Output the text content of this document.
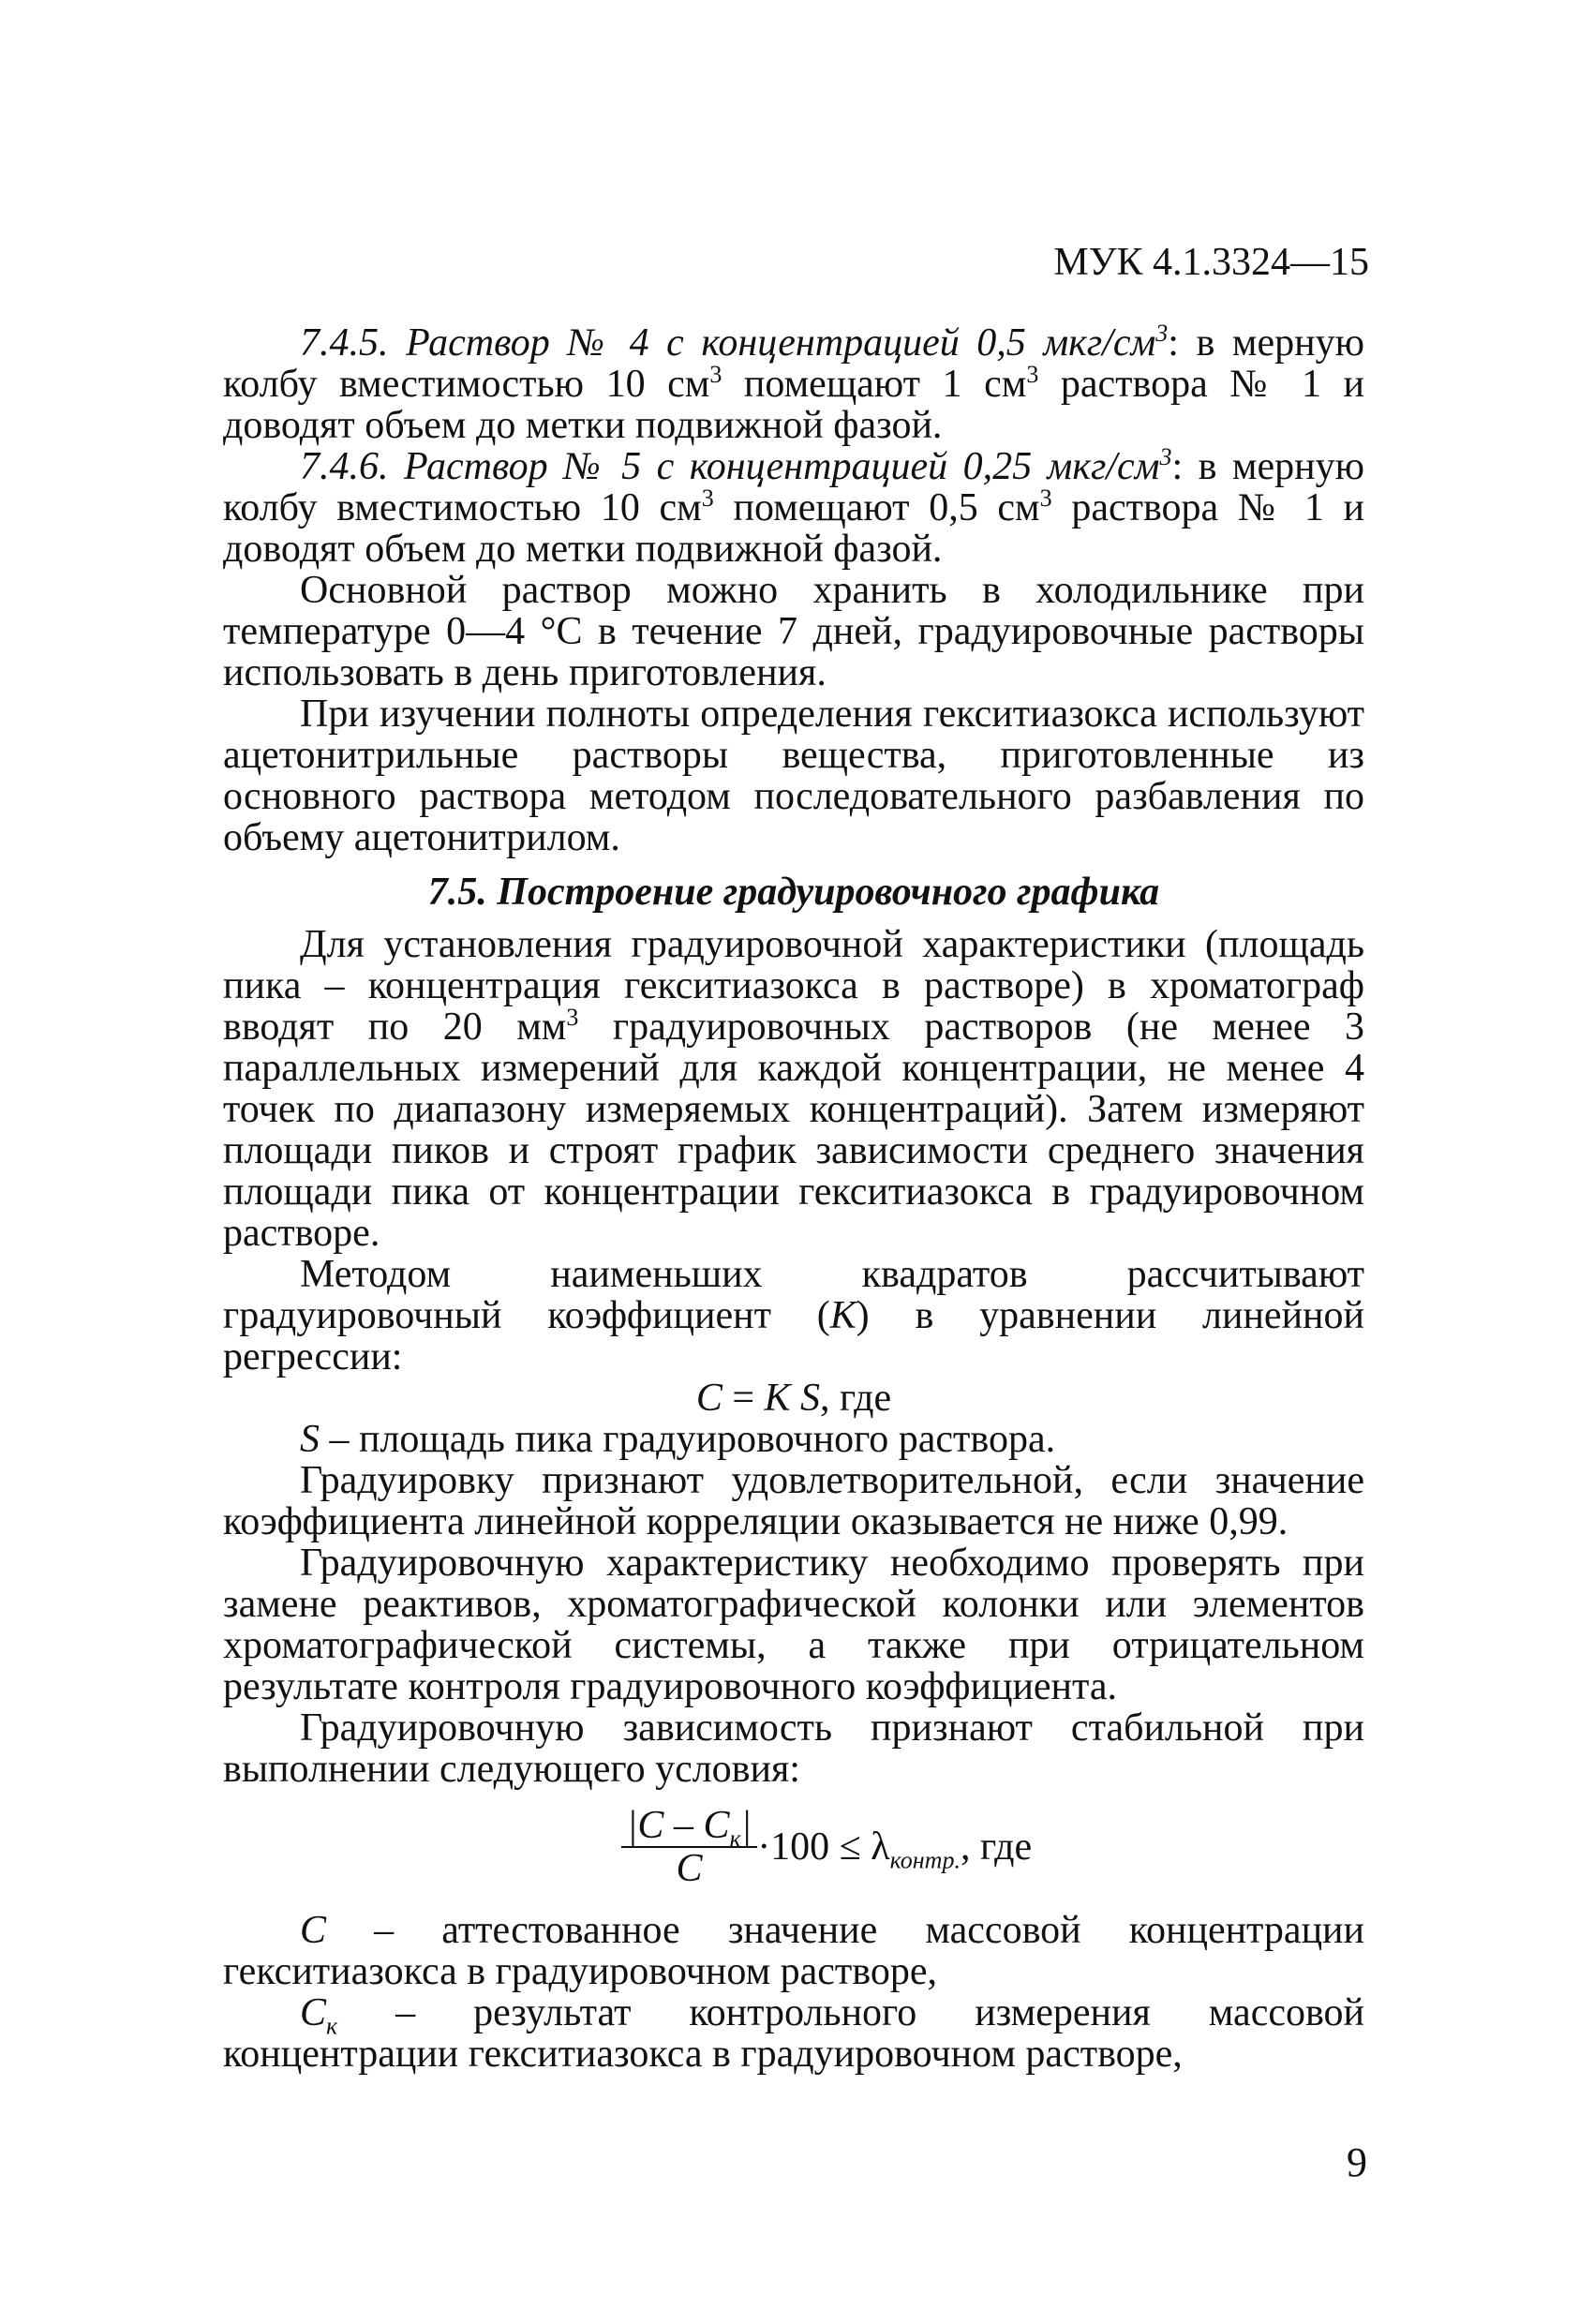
МУК 4.1.3324—15

7.4.5. Раствор № 4 с концентрацией 0,5 мкг/$см^3$: в мерную колбу вместимостью 10 $см^3$ помещают 1 $см^3$ раствора № 1 и доводят объем до метки подвижной фазой.

7.4.6. Раствор № 5 с концентрацией 0,25 мкг/$см^3$: в мерную колбу вместимостью 10 $см^3$ помещают 0,5 $см^3$ раствора № 1 и доводят объем до метки подвижной фазой.

Основной раствор можно хранить в холодильнике при температуре 0—4 °С в течение 7 дней, градуировочные растворы использовать в день приготовления.

При изучении полноты определения гекситиазокса используют ацетонитрильные растворы вещества, приготовленные из основного раствора методом последовательного разбавления по объему ацетонитрилом.

7.5. Построение градуировочного графика

Для установления градуировочной характеристики (площадь пика – концентрация гекситиазокса в растворе) в хроматограф вводят по 20 $мм^3$ градуировочных растворов (не менее 3 параллельных измерений для каждой концентрации, не менее 4 точек по диапазону измеряемых концентраций). Затем измеряют площади пиков и строят график зависимости среднего значения площади пика от концентрации гекситиазокса в градуировочном растворе.

Методом наименьших квадратов рассчитывают градуировочный коэффициент (К) в уравнении линейной регрессии:

C = K S, где

S – площадь пика градуировочного раствора.

Градуировку признают удовлетворительной, если значение коэффициента линейной корреляции оказывается не ниже 0,99.

Градуировочную характеристику необходимо проверять при замене реактивов, хроматографической колонки или элементов хроматографической системы, а также при отрицательном результате контроля градуировочного коэффициента.

Градуировочную зависимость признают стабильной при выполнении следующего условия:

$\frac{|C - C_к|}{C} \cdot 100 \le \lambda_{контр.}$, где

C – аттестованное значение массовой концентрации гекситиазокса в градуировочном растворе,

$C_к$ – результат контрольного измерения массовой концентрации гекситиазокса в градуировочном растворе,

9
